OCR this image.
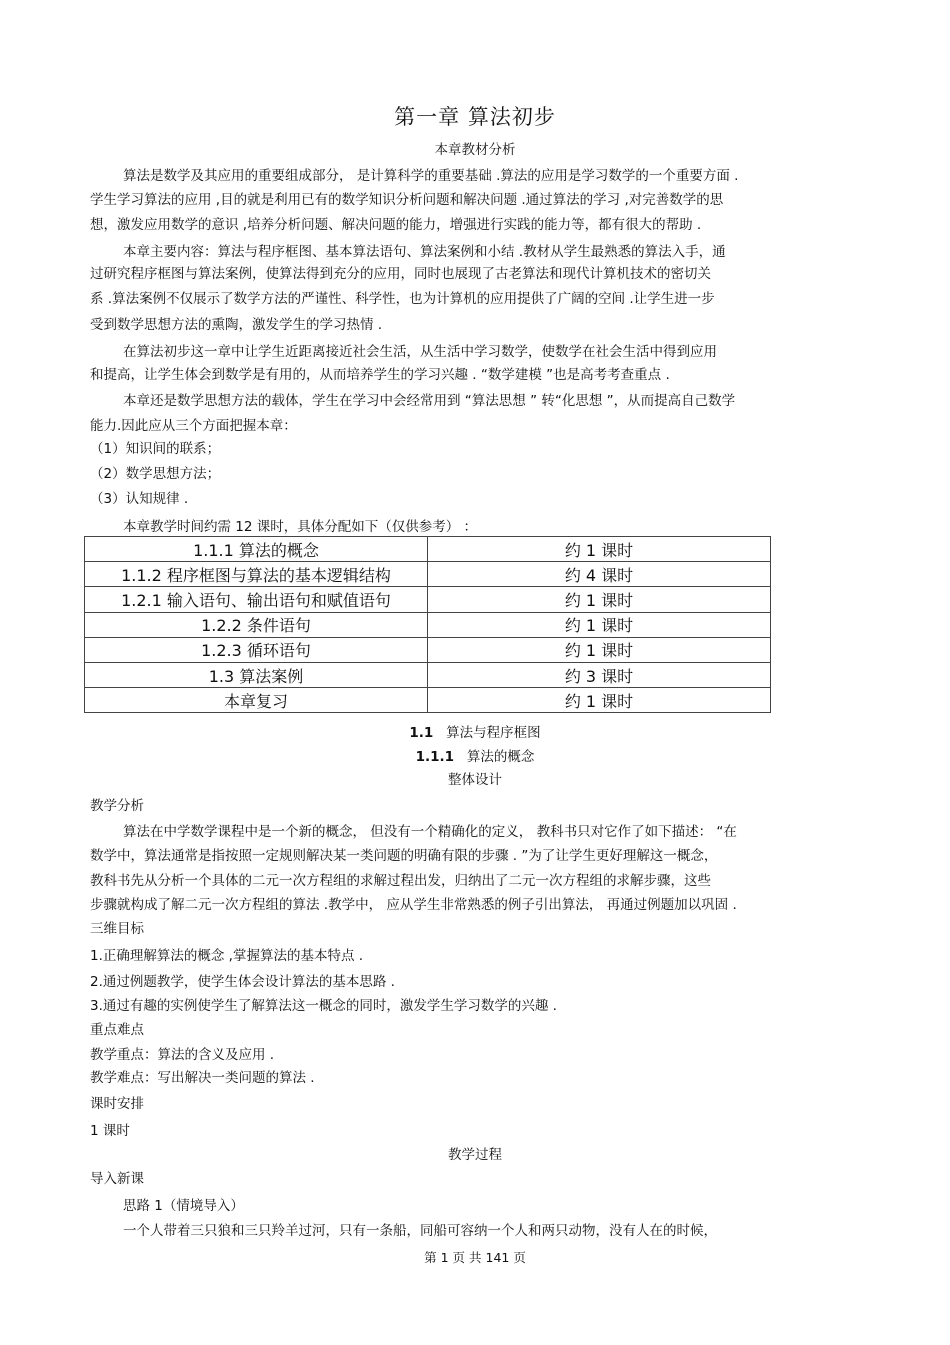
第一章 算法初步
本章教材分析
算法是数学及其应用的重要组成部分， 是计算科学的重要基础 .算法的应用是学习数学的一个重要方面 .
学生学习算法的应用 ,目的就是利用已有的数学知识分析问题和解决问题 .通过算法的学习 ,对完善数学的思
想，激发应用数学的意识 ,培养分析问题、解决问题的能力，增强进行实践的能力等，都有很大的帮助 .
本章主要内容：算法与程序框图、基本算法语句、算法案例和小结 .教材从学生最熟悉的算法入手，通
过研究程序框图与算法案例，使算法得到充分的应用，同时也展现了古老算法和现代计算机技术的密切关
系 .算法案例不仅展示了数学方法的严谨性、科学性，也为计算机的应用提供了广阔的空间 .让学生进一步
受到数学思想方法的熏陶，激发学生的学习热情 .
在算法初步这一章中让学生近距离接近社会生活，从生活中学习数学，使数学在社会生活中得到应用
和提高，让学生体会到数学是有用的，从而培养学生的学习兴趣 . “数学建模 ”也是高考考查重点 .
本章还是数学思想方法的载体，学生在学习中会经常用到 “算法思想 ” 转“化思想 ”，从而提高自己数学
能力.因此应从三个方面把握本章：
（1）知识间的联系；
（2）数学思想方法；
（3）认知规律 .
本章教学时间约需 12 课时，具体分配如下（仅供参考） ：
1.1.1 算法的概念	约 1 课时
1.1.2 程序框图与算法的基本逻辑结构	约 4 课时
1.2.1 输入语句、输出语句和赋值语句	约 1 课时
1.2.2 条件语句	约 1 课时
1.2.3 循环语句	约 1 课时
1.3 算法案例	约 3 课时
本章复习	约 1 课时
1.1 算法与程序框图
1.1.1 算法的概念
整体设计
教学分析
算法在中学数学课程中是一个新的概念， 但没有一个精确化的定义， 教科书只对它作了如下描述： “在
数学中，算法通常是指按照一定规则解决某一类问题的明确有限的步骤 . ”为了让学生更好理解这一概念，
教科书先从分析一个具体的二元一次方程组的求解过程出发，归纳出了二元一次方程组的求解步骤，这些
步骤就构成了解二元一次方程组的算法 .教学中， 应从学生非常熟悉的例子引出算法， 再通过例题加以巩固 .
三维目标
1.正确理解算法的概念 ,掌握算法的基本特点 .
2.通过例题教学，使学生体会设计算法的基本思路 .
3.通过有趣的实例使学生了解算法这一概念的同时，激发学生学习数学的兴趣 .
重点难点
教学重点：算法的含义及应用 .
教学难点：写出解决一类问题的算法 .
课时安排
1 课时
教学过程
导入新课
思路 1（情境导入）
一个人带着三只狼和三只羚羊过河，只有一条船，同船可容纳一个人和两只动物，没有人在的时候，
第 1 页 共 141 页
